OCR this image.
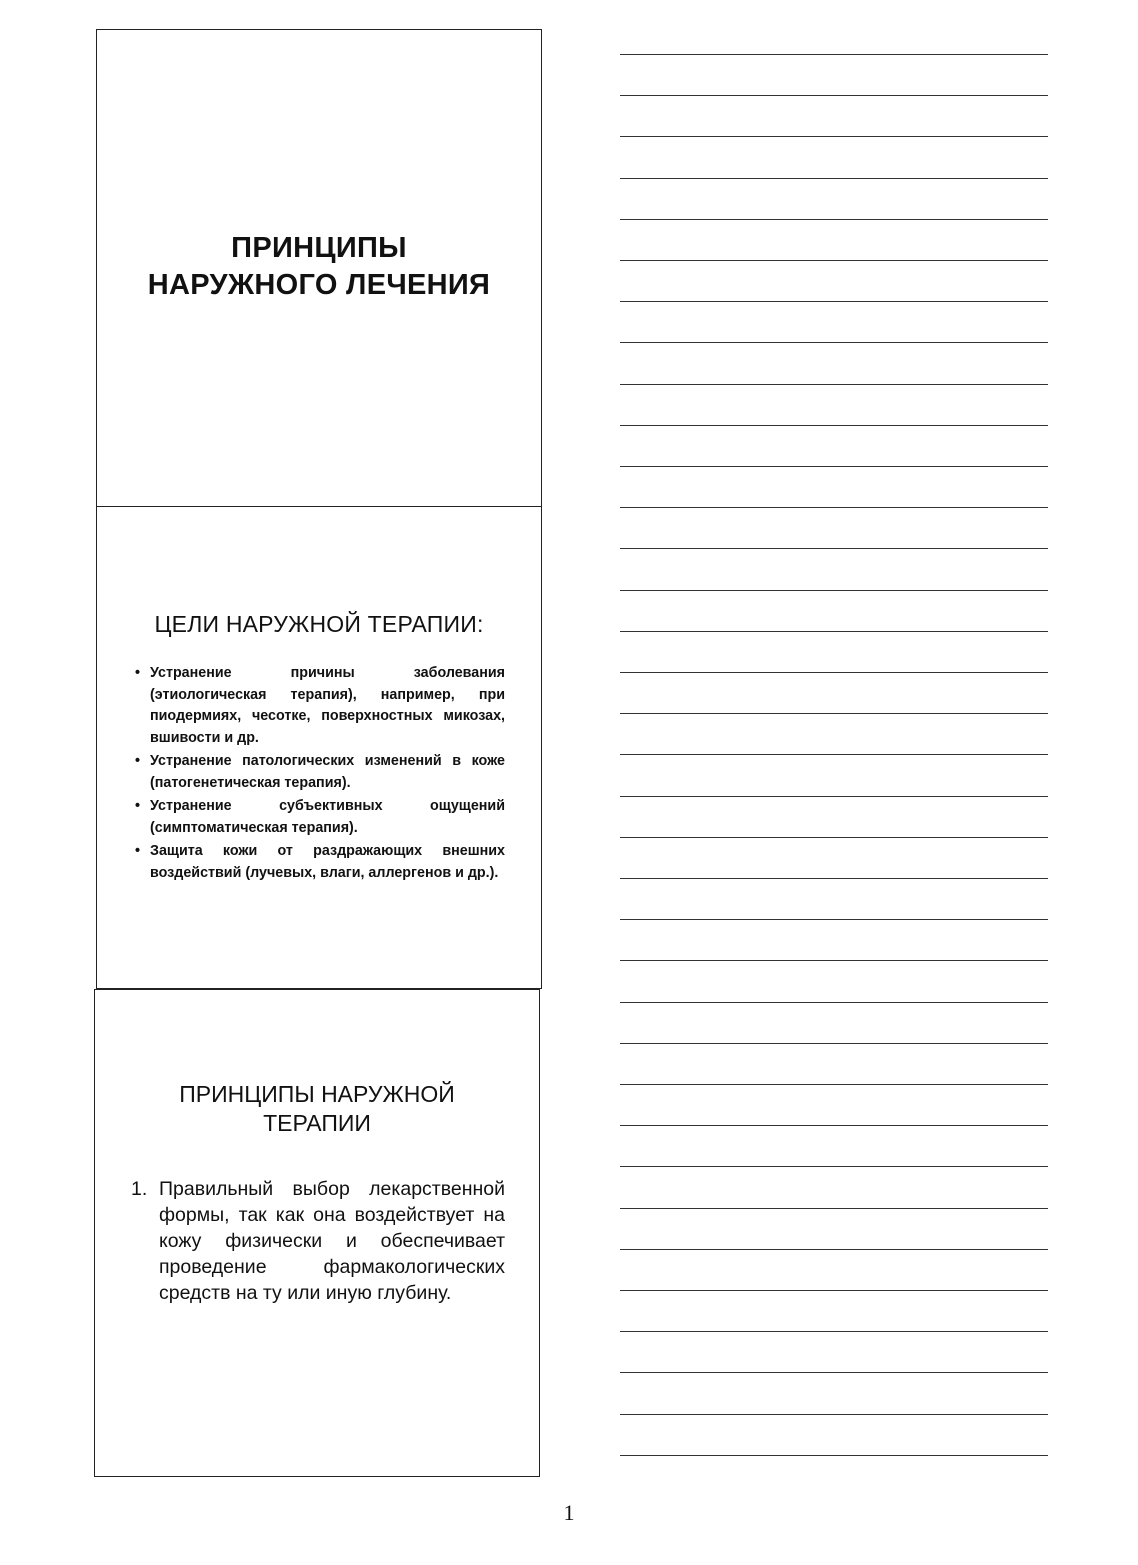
ПРИНЦИПЫ
НАРУЖНОГО ЛЕЧЕНИЯ
ЦЕЛИ НАРУЖНОЙ ТЕРАПИИ:
• Устранение причины заболевания (этиологическая терапия), например, при пиодермиях, чесотке, поверхностных микозах, вшивости и др.
• Устранение патологических изменений в коже (патогенетическая терапия).
• Устранение субъективных ощущений (симптоматическая терапия).
• Защита кожи от раздражающих внешних воздействий (лучевых, влаги, аллергенов и др.).
ПРИНЦИПЫ НАРУЖНОЙ
ТЕРАПИИ
1. Правильный выбор лекарственной формы, так как она воздействует на кожу физически и обеспечивает проведение фармакологических средств на ту или иную глубину.
1
